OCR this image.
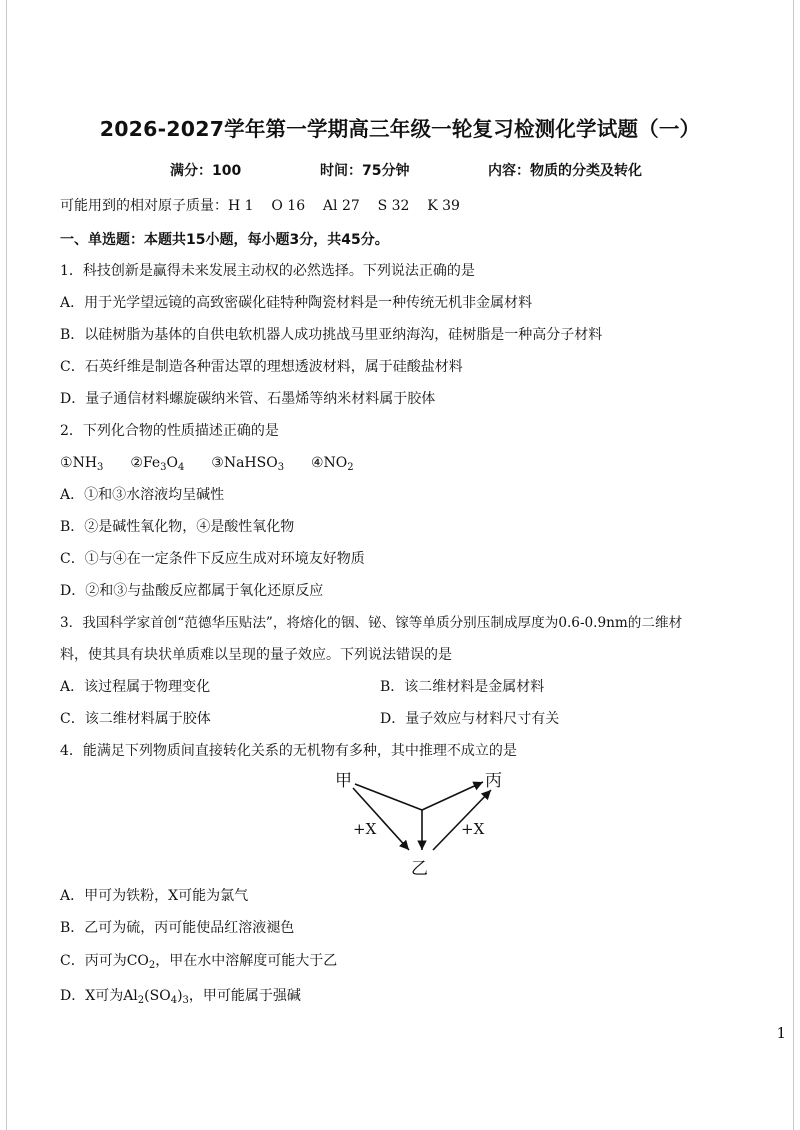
2026-2027学年第一学期高三年级一轮复习检测化学试题（一）
满分：100	时间：75分钟	内容：物质的分类及转化
可能用到的相对原子质量：H 1    O 16    Al 27    S 32    K 39
一、单选题：本题共15小题，每小题3分，共45分。
1．科技创新是赢得未来发展主动权的必然选择。下列说法正确的是
A．用于光学望远镜的高致密碳化硅特种陶瓷材料是一种传统无机非金属材料
B．以硅树脂为基体的自供电软机器人成功挑战马里亚纳海沟，硅树脂是一种高分子材料
C．石英纤维是制造各种雷达罩的理想透波材料，属于硅酸盐材料
D．量子通信材料螺旋碳纳米管、石墨烯等纳米材料属于胶体
2．下列化合物的性质描述正确的是
$①NH_3$ $②Fe_3O_4$ ③NaHSO$_3$ $④NO_2$
A．①和③水溶液均呈碱性
B．②是碱性氧化物，④是酸性氧化物
C．①与④在一定条件下反应生成对环境友好物质
D．②和③与盐酸反应都属于氧化还原反应
3．我国科学家首创“范德华压贴法”，将熔化的铟、铋、镓等单质分别压制成厚度为0.6-0.9nm的二维材
料，使其具有块状单质难以呈现的量子效应。下列说法错误的是
A．该过程属于物理变化	B．该二维材料是金属材料
C．该二维材料属于胶体	D．量子效应与材料尺寸有关
4．能满足下列物质间直接转化关系的无机物有多种，其中推理不成立的是
甲	丙
乙
+X	+X
A．甲可为铁粉，X可能为氯气
B．乙可为硫，丙可能使品红溶液褪色
C．丙可为$CO_2$，甲在水中溶解度可能大于乙
D．X可为$Al_2(SO_4)_3$，甲可能属于强碱
1
